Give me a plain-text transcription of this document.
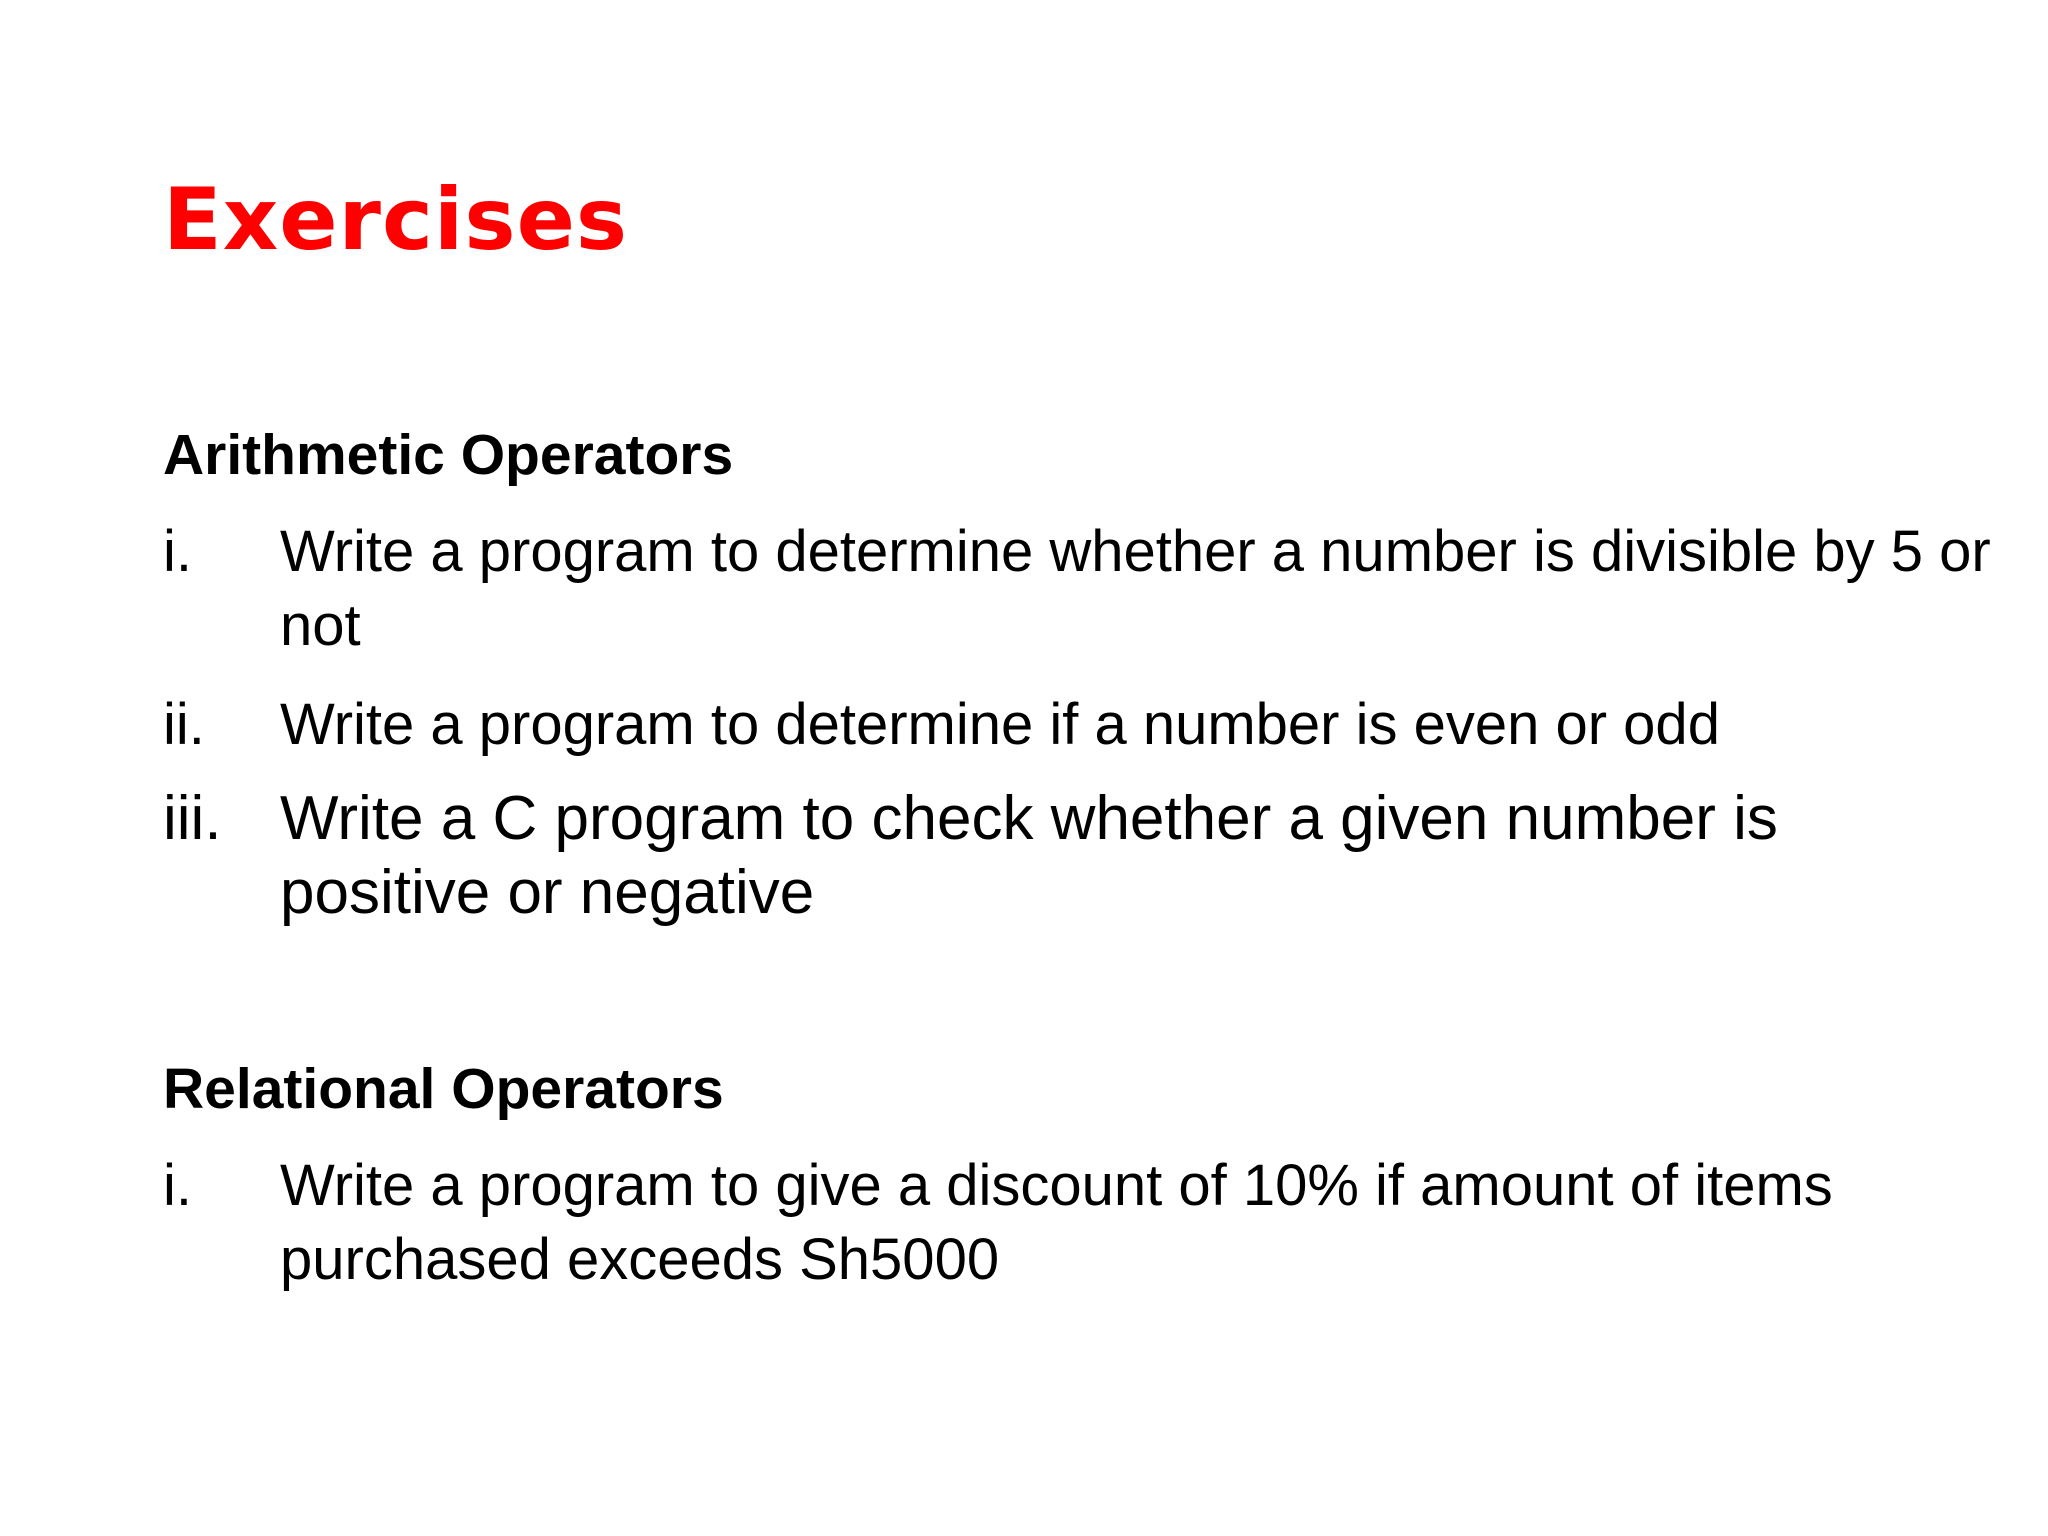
Exercises
Arithmetic Operators
i. Write a program to determine whether a number is divisible by 5 or not
ii. Write a program to determine if a number is even or odd
iii. Write a C program to check whether a given number is positive or negative
Relational Operators
i. Write a program to give a discount of 10% if amount of items purchased exceeds Sh5000
